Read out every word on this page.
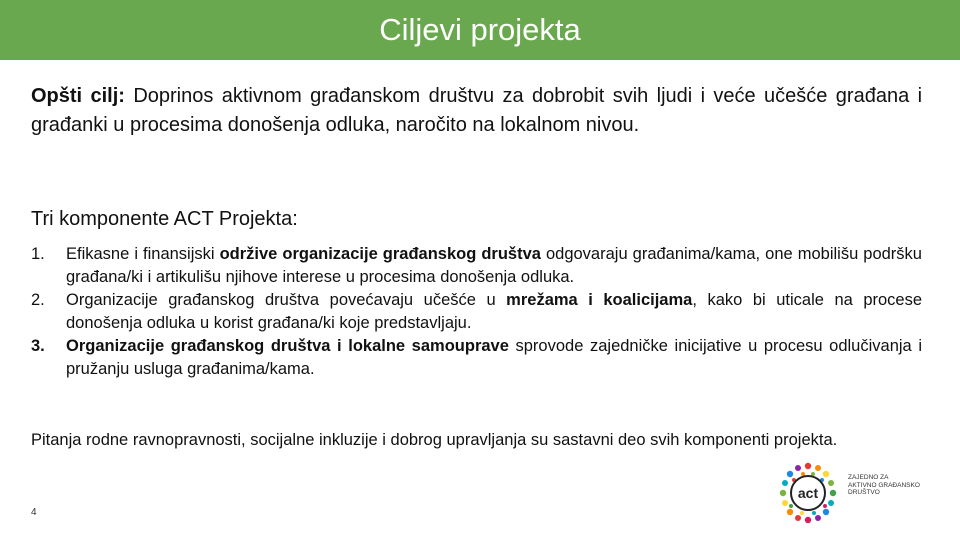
Ciljevi projekta

Opšti cilj: Doprinos aktivnom građanskom društvu za dobrobit svih ljudi i veće učešće građana i građanki u procesima donošenja odluka, naročito na lokalnom nivou.

Tri komponente ACT Projekta:

1. Efikasne i finansijski održive organizacije građanskog društva odgovaraju građanima/kama, one mobilišu podršku građana/ki i artikulišu njihove interese u procesima donošenja odluka.
2. Organizacije građanskog društva povećavaju učešće u mrežama i koalicijama, kako bi uticale na procese donošenja odluka u korist građana/ki koje predstavljaju.
3. Organizacije građanskog društva i lokalne samouprave sprovode zajedničke inicijative u procesu odlučivanja i pružanju usluga građanima/kama.

Pitanja rodne ravnopravnosti, socijalne inkluzije i dobrog upravljanja su sastavni deo svih komponenti projekta.

4
act
ZAJEDNO ZA
AKTIVNO GRAĐANSKO
DRUŠTVO
